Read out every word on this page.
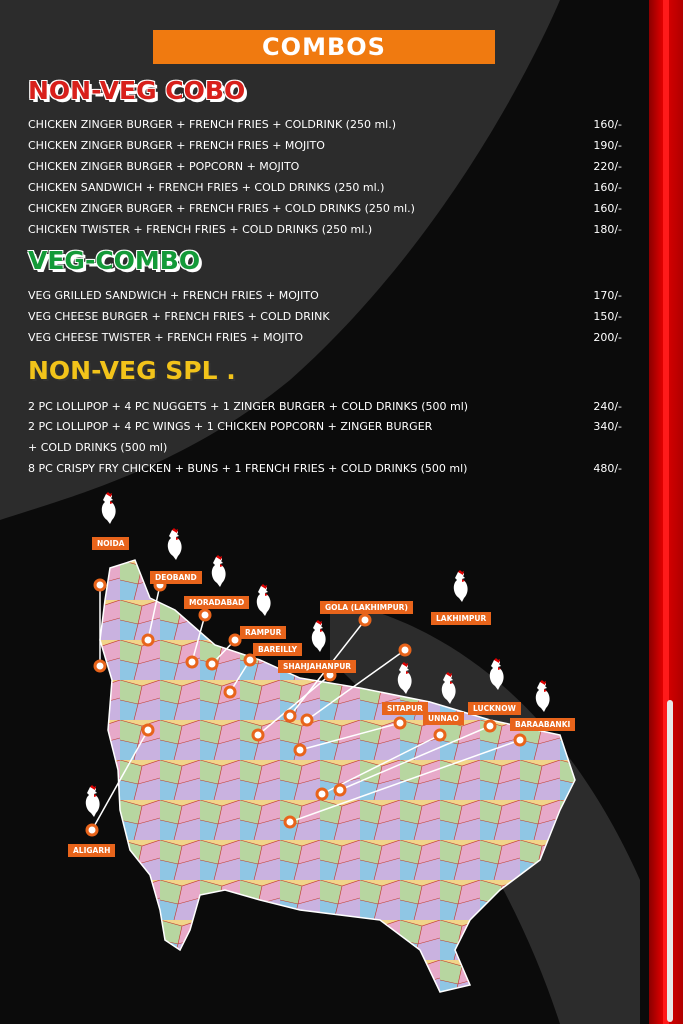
COMBOS
NON-VEG COBO
CHICKEN ZINGER BURGER + FRENCH FRIES + COLDRINK (250 ml.)	160/-
CHICKEN ZINGER BURGER + FRENCH FRIES + MOJITO	190/-
CHICKEN ZINGER BURGER + POPCORN + MOJITO	220/-
CHICKEN SANDWICH + FRENCH FRIES + COLD DRINKS (250 ml.)	160/-
CHICKEN ZINGER BURGER + FRENCH FRIES + COLD DRINKS (250 ml.)	160/-
CHICKEN TWISTER + FRENCH FRIES + COLD DRINKS (250 ml.)	180/-
VEG-COMBO
VEG GRILLED SANDWICH + FRENCH FRIES + MOJITO	170/-
VEG CHEESE BURGER + FRENCH FRIES + COLD DRINK	150/-
VEG CHEESE TWISTER + FRENCH FRIES + MOJITO	200/-
NON-VEG SPL .
2 PC LOLLIPOP + 4 PC NUGGETS + 1 ZINGER BURGER + COLD DRINKS (500 ml)	240/-
2 PC LOLLIPOP + 4 PC WINGS + 1 CHICKEN POPCORN + ZINGER BURGER	340/-
+ COLD DRINKS (500 ml)
8 PC CRISPY FRY CHICKEN + BUNS + 1 FRENCH FRIES + COLD DRINKS (500 ml)	480/-
NOIDA
DEOBAND
MORADABAD
RAMPUR
BAREILLY
SHAHJAHANPUR
GOLA (LAKHIMPUR)
LAKHIMPUR
SITAPUR
UNNAO
LUCKNOW
BARAABANKI
ALIGARH
